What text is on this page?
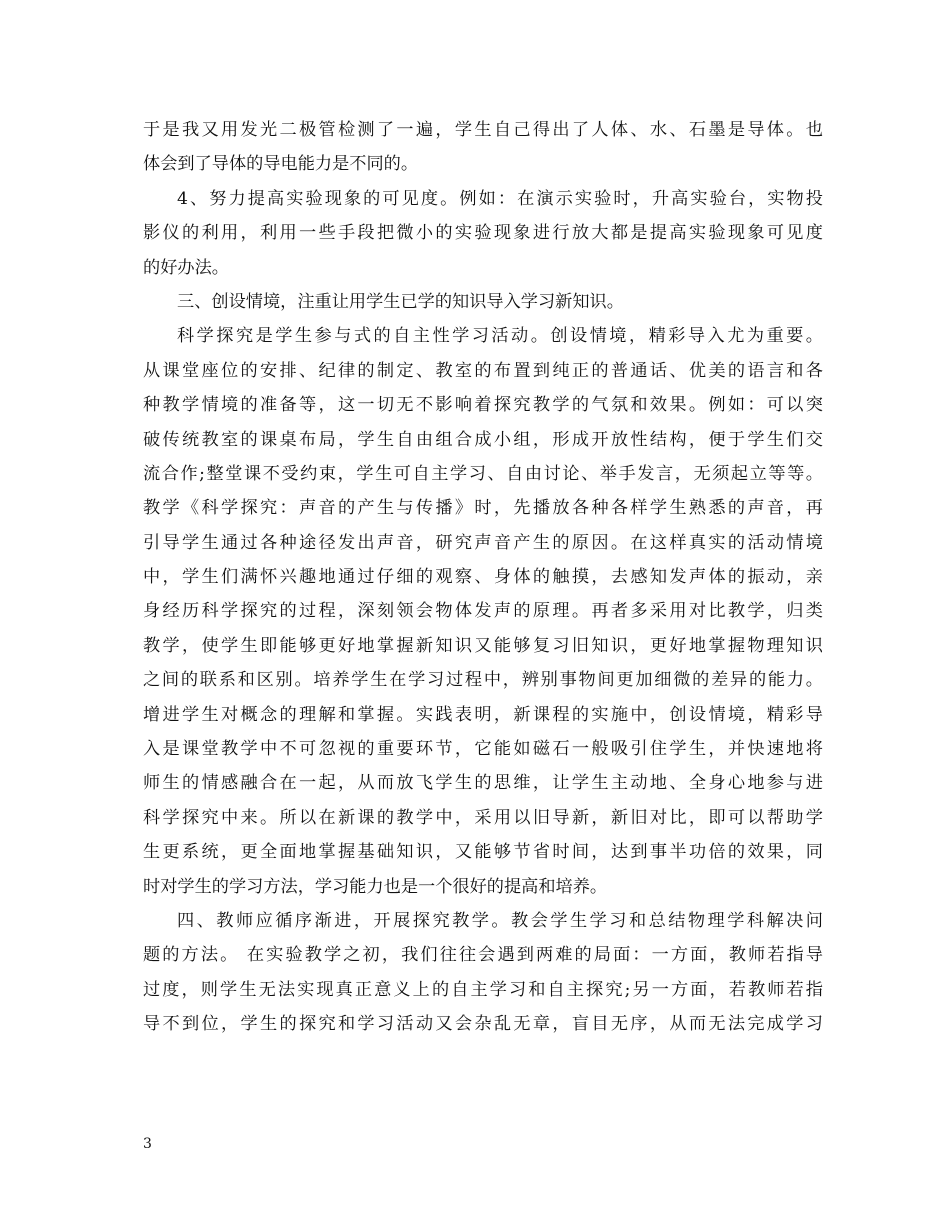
于是我又用发光二极管检测了一遍，学生自己得出了人体、水、石墨是导体。也
体会到了导体的导电能力是不同的。
4、努力提高实验现象的可见度。例如：在演示实验时，升高实验台，实物投
影仪的利用，利用一些手段把微小的实验现象进行放大都是提高实验现象可见度
的好办法。
三、创设情境，注重让用学生已学的知识导入学习新知识。
科学探究是学生参与式的自主性学习活动。创设情境，精彩导入尤为重要。
从课堂座位的安排、纪律的制定、教室的布置到纯正的普通话、优美的语言和各
种教学情境的准备等，这一切无不影响着探究教学的气氛和效果。例如：可以突
破传统教室的课桌布局，学生自由组合成小组，形成开放性结构，便于学生们交
流合作;整堂课不受约束，学生可自主学习、自由讨论、举手发言，无须起立等等。
教学《科学探究：声音的产生与传播》时，先播放各种各样学生熟悉的声音，再
引导学生通过各种途径发出声音，研究声音产生的原因。在这样真实的活动情境
中，学生们满怀兴趣地通过仔细的观察、身体的触摸，去感知发声体的振动，亲
身经历科学探究的过程，深刻领会物体发声的原理。再者多采用对比教学，归类
教学，使学生即能够更好地掌握新知识又能够复习旧知识，更好地掌握物理知识
之间的联系和区别。培养学生在学习过程中，辨别事物间更加细微的差异的能力。
增进学生对概念的理解和掌握。实践表明，新课程的实施中，创设情境，精彩导
入是课堂教学中不可忽视的重要环节，它能如磁石一般吸引住学生，并快速地将
师生的情感融合在一起，从而放飞学生的思维，让学生主动地、全身心地参与进
科学探究中来。所以在新课的教学中，采用以旧导新，新旧对比，即可以帮助学
生更系统，更全面地掌握基础知识，又能够节省时间，达到事半功倍的效果，同
时对学生的学习方法，学习能力也是一个很好的提高和培养。
四、教师应循序渐进，开展探究教学。教会学生学习和总结物理学科解决问
题的方法。 在实验教学之初，我们往往会遇到两难的局面：一方面，教师若指导
过度，则学生无法实现真正意义上的自主学习和自主探究;另一方面，若教师若指
导不到位，学生的探究和学习活动又会杂乱无章，盲目无序，从而无法完成学习
3
